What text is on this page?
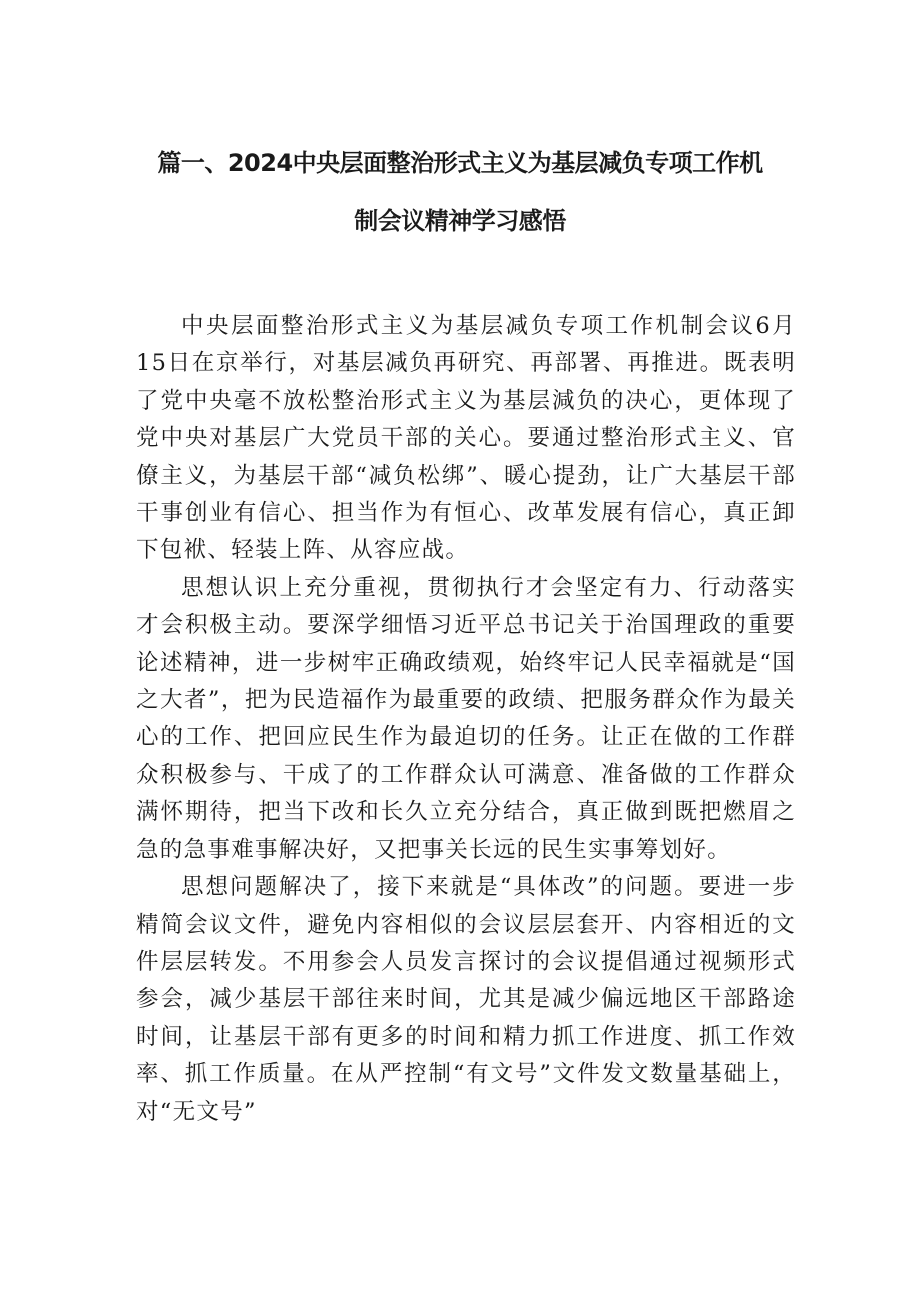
篇一、2024中央层面整治形式主义为基层减负专项工作机
制会议精神学习感悟

中央层面整治形式主义为基层减负专项工作机制会议6月15日在京举行，对基层减负再研究、再部署、再推进。既表明了党中央毫不放松整治形式主义为基层減负的决心，更体现了党中央对基层广大党员干部的关心。要通过整治形式主义、官僚主义，为基层干部“减负松绑”、暖心提劲，让广大基层干部干事创业有信心、担当作为有恒心、改革发展有信心，真正卸下包袱、轻装上阵、从容应战。

思想认识上充分重视，贯彻执行才会坚定有力、行动落实才会积极主动。要深学细悟习近平总书记关于治国理政的重要论述精神，进一步树牢正确政绩观，始终牢记人民幸福就是“国之大者”，把为民造福作为最重要的政绩、把服务群众作为最关心的工作、把回应民生作为最迫切的任务。让正在做的工作群众积极参与、干成了的工作群众认可满意、准备做的工作群众满怀期待，把当下改和长久立充分结合，真正做到既把燃眉之急的急事难事解决好，又把事关长远的民生实事筹划好。

思想问题解决了，接下来就是“具体改”的问题。要进一步精简会议文件，避免内容相似的会议层层套开、内容相近的文件层层转发。不用参会人员发言探讨的会议提倡通过视频形式参会，减少基层干部往来时间，尤其是减少偏远地区干部路途时间，让基层干部有更多的时间和精力抓工作进度、抓工作效率、抓工作质量。在从严控制“有文号”文件发文数量基础上，对“无文号”
